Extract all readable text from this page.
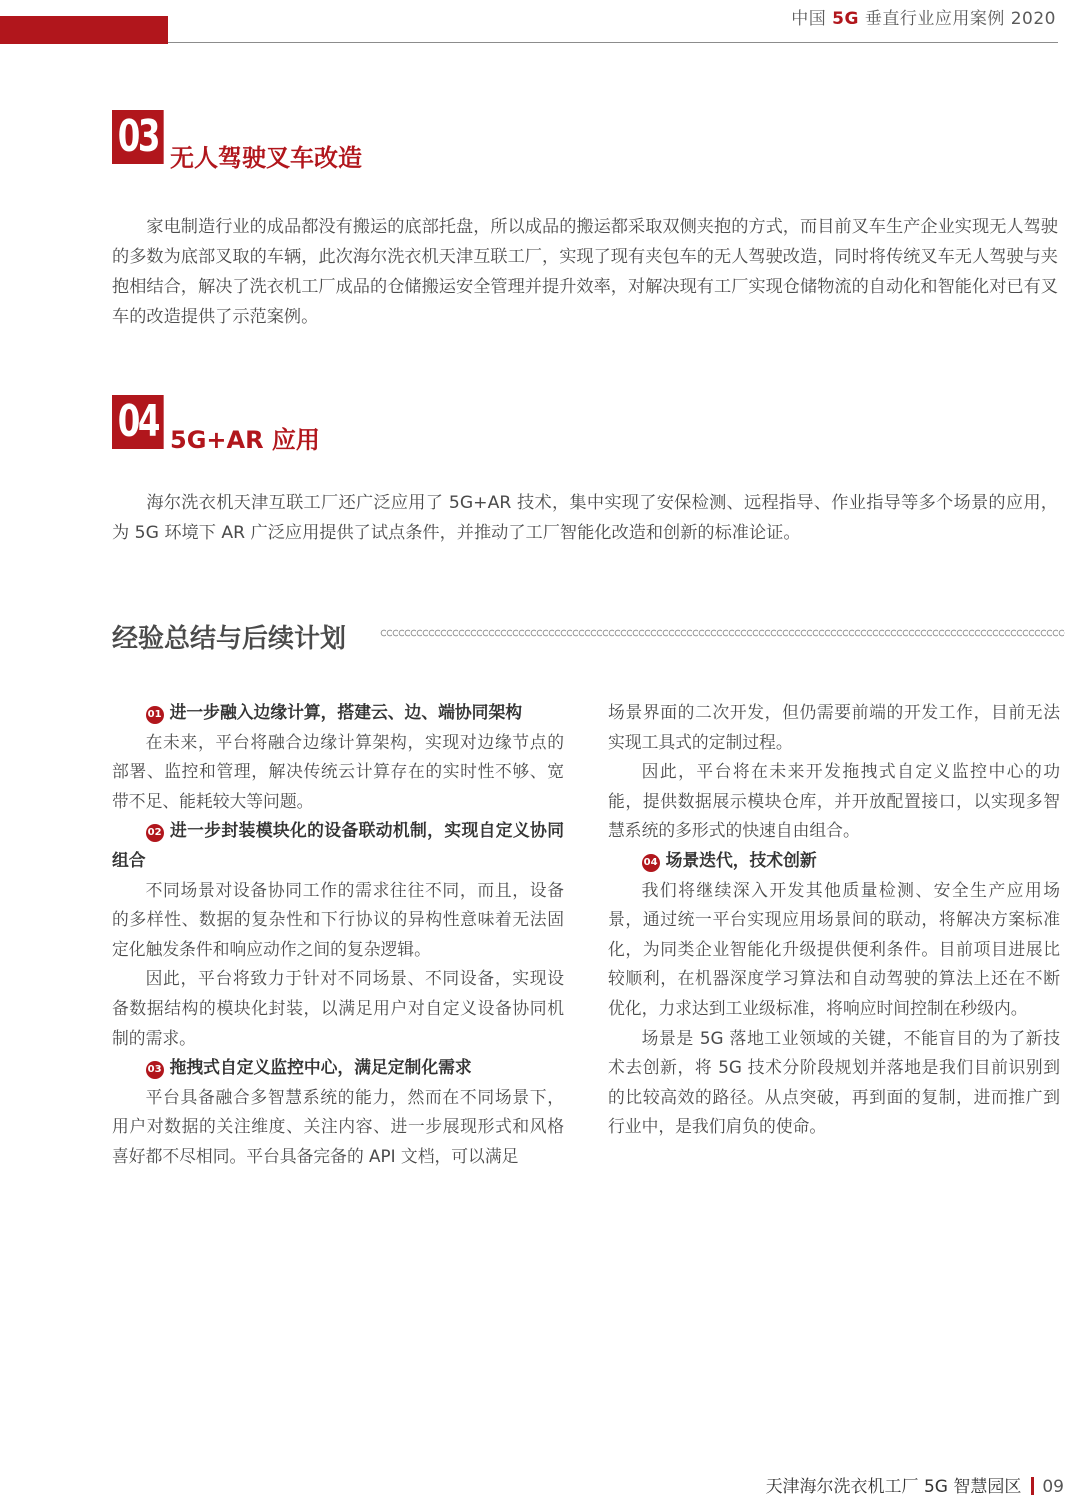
中国 5G 垂直行业应用案例 2020
03 无人驾驶叉车改造

家电制造行业的成品都没有搬运的底部托盘，所以成品的搬运都采取双侧夹抱的方式，而目前叉车生产企业实现无人驾驶的多数为底部叉取的车辆，此次海尔洗衣机天津互联工厂，实现了现有夹包车的无人驾驶改造，同时将传统叉车无人驾驶与夹抱相结合，解决了洗衣机工厂成品的仓储搬运安全管理并提升效率，对解决现有工厂实现仓储物流的自动化和智能化对已有叉车的改造提供了示范案例。

04 5G+AR 应用

海尔洗衣机天津互联工厂还广泛应用了 5G+AR 技术，集中实现了安保检测、远程指导、作业指导等多个场景的应用，为 5G 环境下 AR 广泛应用提供了试点条件，并推动了工厂智能化改造和创新的标准论证。

经验总结与后续计划

01 进一步融入边缘计算，搭建云、边、端协同架构

在未来，平台将融合边缘计算架构，实现对边缘节点的部署、监控和管理，解决传统云计算存在的实时性不够、宽带不足、能耗较大等问题。

02 进一步封装模块化的设备联动机制，实现自定义协同组合

不同场景对设备协同工作的需求往往不同，而且，设备的多样性、数据的复杂性和下行协议的异构性意味着无法固定化触发条件和响应动作之间的复杂逻辑。

因此，平台将致力于针对不同场景、不同设备，实现设备数据结构的模块化封装，以满足用户对自定义设备协同机制的需求。

03 拖拽式自定义监控中心，满足定制化需求

平台具备融合多智慧系统的能力，然而在不同场景下，用户对数据的关注维度、关注内容、进一步展现形式和风格喜好都不尽相同。平台具备完备的 API 文档，可以满足

场景界面的二次开发，但仍需要前端的开发工作，目前无法实现工具式的定制过程。

因此，平台将在未来开发拖拽式自定义监控中心的功能，提供数据展示模块仓库，并开放配置接口，以实现多智慧系统的多形式的快速自由组合。

04 场景迭代，技术创新

我们将继续深入开发其他质量检测、安全生产应用场景，通过统一平台实现应用场景间的联动，将解决方案标准化，为同类企业智能化升级提供便利条件。目前项目进展比较顺利，在机器深度学习算法和自动驾驶的算法上还在不断优化，力求达到工业级标准，将响应时间控制在秒级内。

场景是 5G 落地工业领域的关键，不能盲目的为了新技术去创新，将 5G 技术分阶段规划并落地是我们目前识别到的比较高效的路径。从点突破，再到面的复制，进而推广到行业中，是我们肩负的使命。

天津海尔洗衣机工厂 5G 智慧园区 09
